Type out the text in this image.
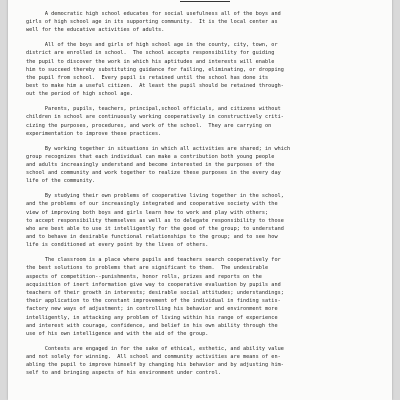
A democratic high school educates for social usefulness all of the boys and
girls of high school age in its supporting community.  It is the local center as
well for the educative activities of adults.
All of the boys and girls of high school age in the county, city, town, or
district are enrolled in school.  The school accepts responsibility for guiding
the pupil to discover the work in which his aptitudes and interests will enable
him to succeed thereby substituting guidance for failing, eliminating, or dropping
the pupil from school.  Every pupil is retained until the school has done its
best to make him a useful citizen.  At least the pupil should be retained through-
out the period of high school age.
Parents, pupils, teachers, principal,school officials, and citizens without
children in school are continuously working cooperatively in constructively criti-
cizing the purposes, procedures, and work of the school.  They are carrying on
experimentation to improve these practices.
By working together in situations in which all activities are shared; in which
group recognizes that each individual can make a contribution both young people
and adults increasingly understand and become interested in the purposes of the
school and community and work together to realize these purposes in the every day
life of the community.
By studying their own problems of cooperative living together in the school,
and the problems of our increasingly integrated and cooperative society with the
view of improving both boys and girls learn how to work and play with others;
to accept responsibility themselves as well as to delegate responsibility to those
who are best able to use it intelligently for the good of the group; to understand
and to behave in desirable functional relationships to the group; and to see how
life is conditioned at every point by the lives of others.
The classroom is a place where pupils and teachers search cooperatively for
the best solutions to problems that are significant to them.  The undesirable
aspects of competition--punishments, honor rolls, prizes and reports on the
acquisition of inert information give way to cooperative evaluation by pupils and
teachers of their growth in interests; desirable social attitudes; understandings;
their application to the constant improvement of the individual in finding satis-
factory new ways of adjustment; in controlling his behavior and environment more
intelligently, in attacking any problem of living within his range of experience
and interest with courage, confidence, and belief in his own ability through the
use of his own intelligence and with the aid of the group.
Contests are engaged in for the sake of ethical, esthetic, and ability value
and not solely for winning.  All school and community activities are means of en-
abling the pupil to improve himself by changing his behavior and by adjusting him-
self to and bringing aspects of his environment under control.
